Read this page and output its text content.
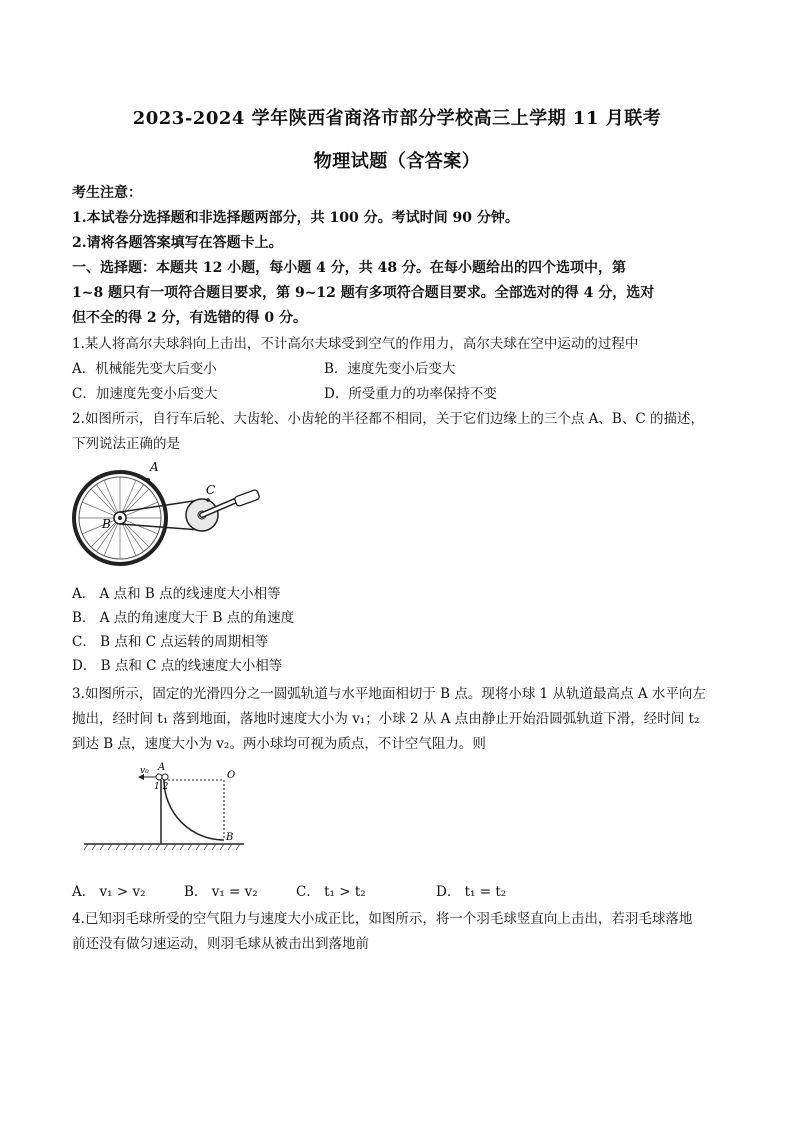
2023-2024 学年陕西省商洛市部分学校高三上学期 11 月联考
物理试题（含答案）
考生注意：
1.本试卷分选择题和非选择题两部分，共 100 分。考试时间 90 分钟。
2.请将各题答案填写在答题卡上。
一、选择题：本题共 12 小题，每小题 4 分，共 48 分。在每小题给出的四个选项中，第
1~8 题只有一项符合题目要求，第 9~12 题有多项符合题目要求。全部选对的得 4 分，选对
但不全的得 2 分，有选错的得 0 分。
1.某人将高尔夫球斜向上击出，不计高尔夫球受到空气的作用力，高尔夫球在空中运动的过程中
A．机械能先变大后变小	B．速度先变小后变大
C．加速度先变小后变大	D．所受重力的功率保持不变
2.如图所示，自行车后轮、大齿轮、小齿轮的半径都不相同，关于它们边缘上的三个点 A、B、C 的描述，
下列说法正确的是
A
B
C
A． A 点和 B 点的线速度大小相等
B． A 点的角速度大于 B 点的角速度
C． B 点和 C 点运转的周期相等
D． B 点和 C 点的线速度大小相等
3.如图所示，固定的光滑四分之一圆弧轨道与水平地面相切于 B 点。现将小球 1 从轨道最高点 A 水平向左
抛出，经时间 t₁ 落到地面，落地时速度大小为 v₁；小球 2 从 A 点由静止开始沿圆弧轨道下滑，经时间 t₂
到达 B 点，速度大小为 v₂。两小球均可视为质点，不计空气阻力。则
v₀ A
1 2
O
B
A． v₁ > v₂	B． v₁ = v₂	C． t₁ > t₂	D． t₁ = t₂
4.已知羽毛球所受的空气阻力与速度大小成正比，如图所示，将一个羽毛球竖直向上击出，若羽毛球落地
前还没有做匀速运动，则羽毛球从被击出到落地前
